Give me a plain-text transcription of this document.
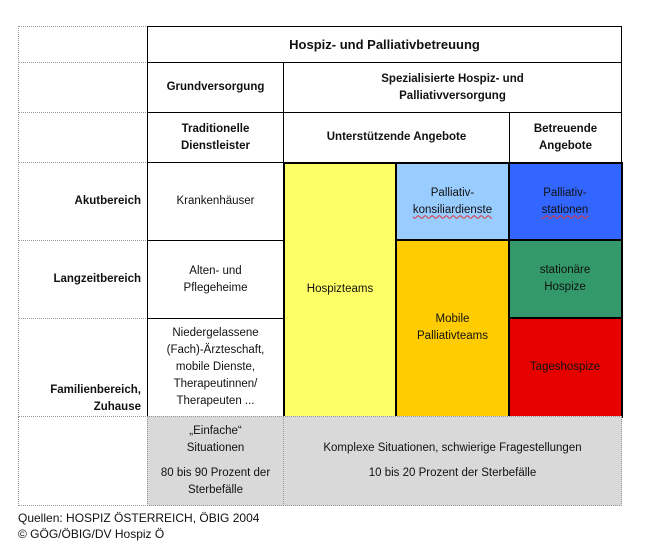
Hospiz- und Palliativbetreuung
Grundversorgung
Spezialisierte Hospiz- und
Palliativversorgung
Traditionelle
Dienstleister
Unterstützende Angebote
Betreuende
Angebote
Akutbereich
Langzeitbereich
Familienbereich,
Zuhause
Krankenhäuser
Alten- und
Pflegeheime
Niedergelassene
(Fach)-Ärzteschaft,
mobile Dienste,
Therapeutinnen/
Therapeuten ...
Hospizteams
Palliativ-
konsiliardienste
Mobile
Palliativteams
Palliativ-
stationen
stationäre
Hospize
Tageshospize
„Einfache“
Situationen
80 bis 90 Prozent der
Sterbefälle
Komplexe Situationen, schwierige Fragestellungen
10 bis 20 Prozent der Sterbefälle
Quellen: HOSPIZ ÖSTERREICH, ÖBIG 2004
© GÖG/ÖBIG/DV Hospiz Ö
